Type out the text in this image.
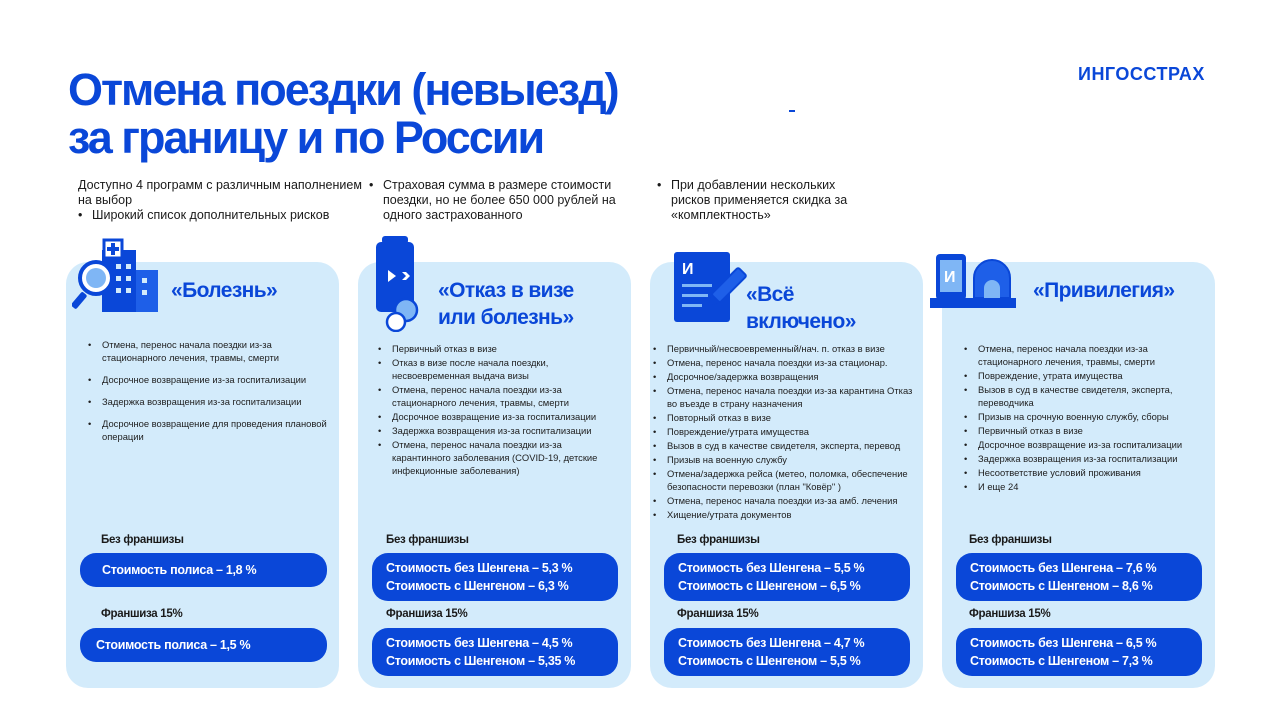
Отмена поездки (невыезд)
за границу и по России
ИНГОССТРАХ
Доступно 4 программ с различным наполнением на выбор
• Широкий список дополнительных рисков
• Страховая сумма в размере стоимости поездки, но не более 650 000 рублей на одного застрахованного
• При добавлении нескольких рисков применяется скидка за «комплектность»
«Болезнь»
•	Отмена, перенос начала поездки из-за стационарного лечения, травмы, смерти
•	Досрочное возвращение из-за госпитализации
•	Задержка возвращения из-за госпитализации
•	Досрочное возвращение для проведения плановой операции
Без франшизы
Стоимость полиса – 1,8 %
Франшиза 15%
Стоимость полиса – 1,5 %
«Отказ в визе
или болезнь»
•	Первичный отказ в визе
•	Отказ в визе после начала поездки, несвоевременная выдача визы
•	Отмена, перенос начала поездки из-за стационарного лечения, травмы, смерти
•	Досрочное возвращение из-за госпитализации
•	Задержка возвращения из-за госпитализации
•	Отмена, перенос начала поездки из-за карантинного заболевания (COVID-19, детские инфекционные заболевания)
Без франшизы
Стоимость без Шенгена – 5,3 %
Стоимость с Шенгеном – 6,3 %
Франшиза 15%
Стоимость без Шенгена – 4,5 %
Стоимость с Шенгеном – 5,35 %
И
«Всё
включено»
•	Первичный/несвоевременный/нач. п. отказ в визе
•	Отмена, перенос начала поездки из-за стационар.
•	Досрочное/задержка возвращения
•	Отмена, перенос начала поездки из-за карантина Отказ во въезде в страну назначения
•	Повторный отказ в визе
•	Повреждение/утрата имущества
•	Вызов в суд в качестве свидетеля, эксперта, перевод
•	Призыв на военную службу
•	Отмена/задержка рейса (метео, поломка, обеспечение безопасности перевозки (план "Ковёр" )
•	Отмена, перенос начала поездки из-за амб. лечения
•	Хищение/утрата документов
Без франшизы
Стоимость без Шенгена – 5,5 %
Стоимость с Шенгеном – 6,5 %
Франшиза 15%
Стоимость без Шенгена – 4,7 %
Стоимость с Шенгеном – 5,5 %
И
«Привилегия»
•	Отмена, перенос начала поездки из-за стационарного лечения, травмы, смерти
•	Повреждение, утрата имущества
•	Вызов в суд в качестве свидетеля, эксперта, переводчика
•	Призыв на срочную военную службу, сборы
•	Первичный отказ в визе
•	Досрочное возвращение из-за госпитализации
•	Задержка возвращения из-за госпитализации
•	Несоответствие условий проживания
•	И еще 24
Без франшизы
Стоимость без Шенгена – 7,6 %
Стоимость с Шенгеном – 8,6 %
Франшиза 15%
Стоимость без Шенгена – 6,5 %
Стоимость с Шенгеном – 7,3 %
